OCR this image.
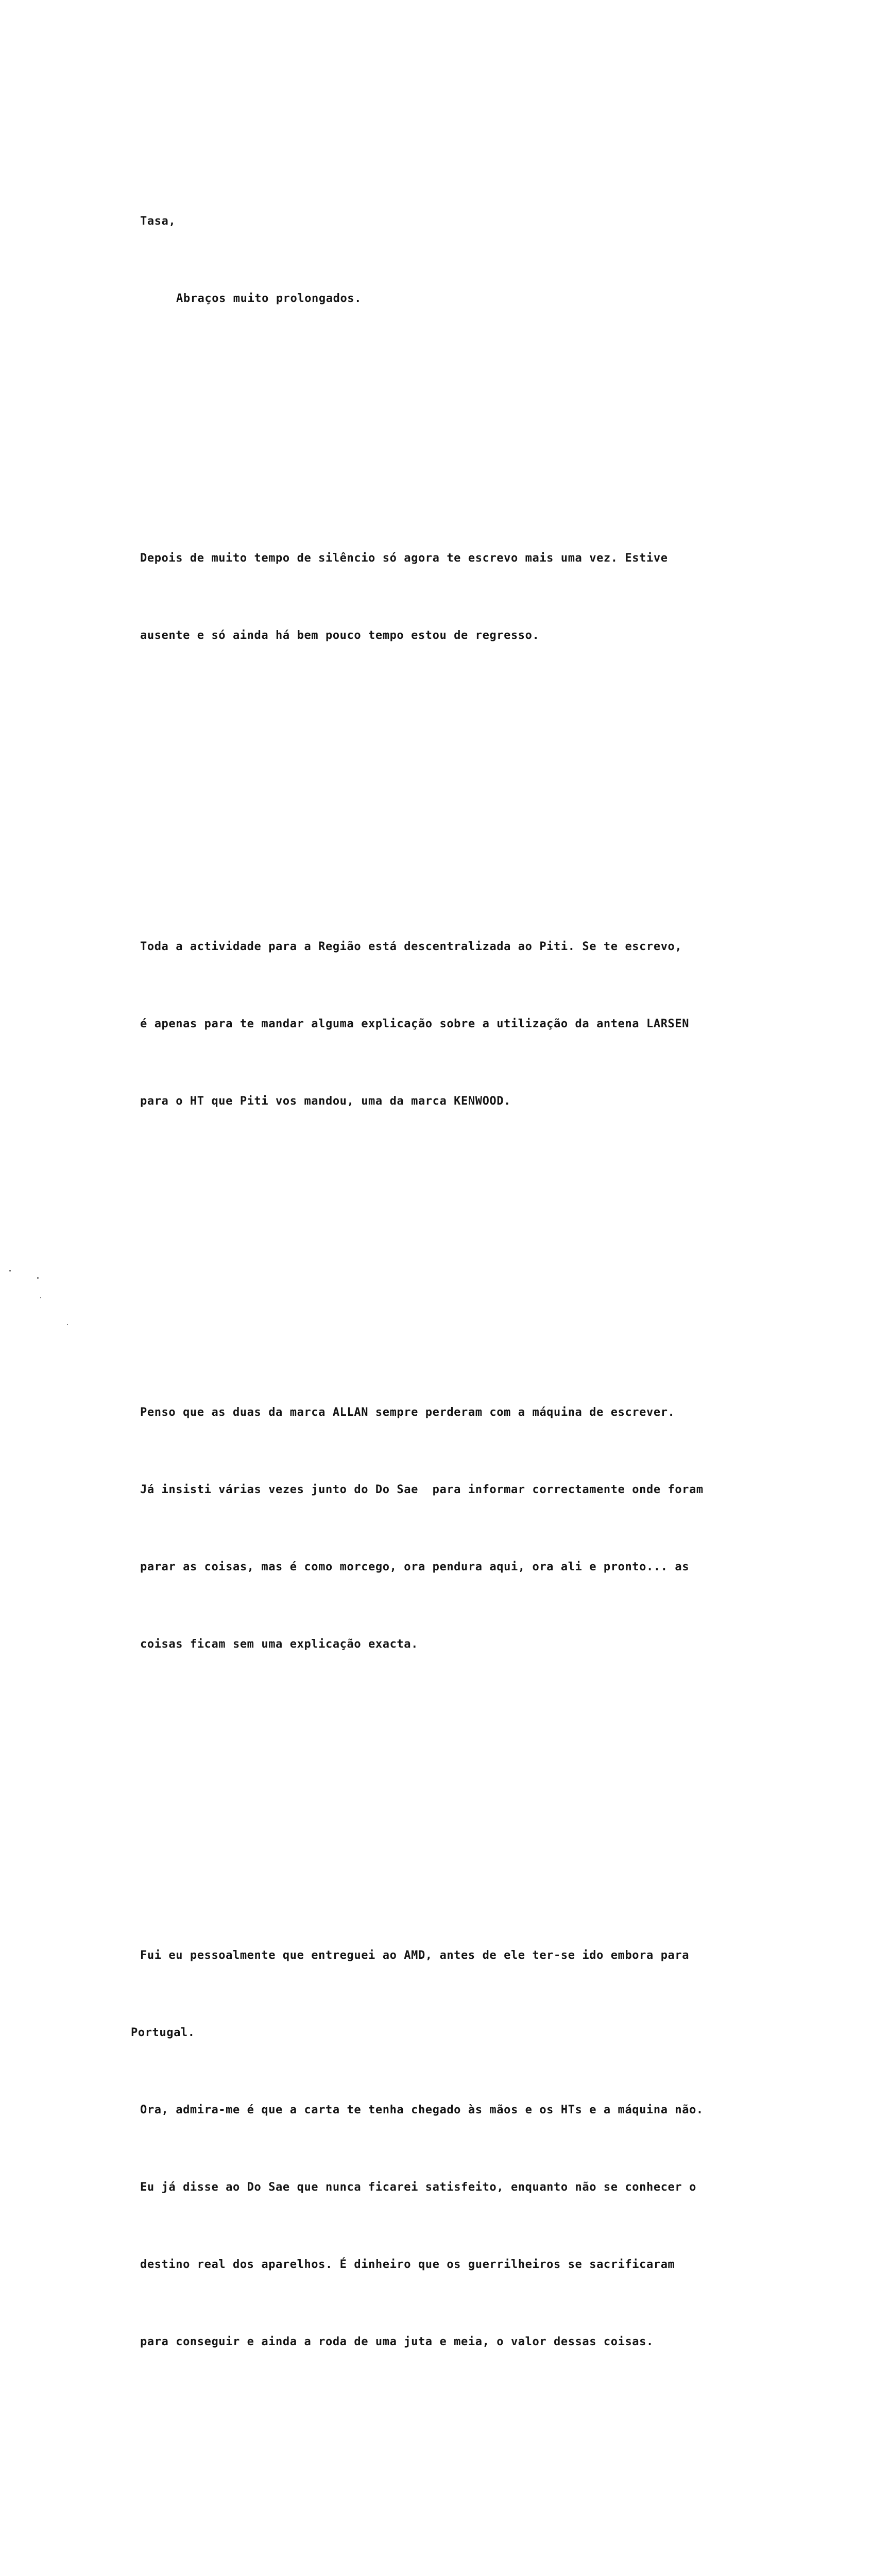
Tasa,

Abraços muito prolongados.

Depois de muito tempo de silêncio só agora te escrevo mais uma vez. Estive

ausente e só ainda há bem pouco tempo estou de regresso.

Toda a actividade para a Região está descentralizada ao Piti. Se te escrevo,

é apenas para te mandar alguma explicação sobre a utilização da antena LARSEN

para o HT que Piti vos mandou, uma da marca KENWOOD.

Penso que as duas da marca ALLAN sempre perderam com a máquina de escrever.

Já insisti várias vezes junto do Do Sae  para informar correctamente onde foram

parar as coisas, mas é como morcego, ora pendura aqui, ora ali e pronto... as

coisas ficam sem uma explicação exacta.

Fui eu pessoalmente que entreguei ao AMD, antes de ele ter-se ido embora para

Portugal.

Ora, admira-me é que a carta te tenha chegado às mãos e os HTs e a máquina não.

Eu já disse ao Do Sae que nunca ficarei satisfeito, enquanto não se conhecer o

destino real dos aparelhos. É dinheiro que os guerrilheiros se sacrificaram

para conseguir e ainda a roda de uma juta e meia, o valor dessas coisas.
